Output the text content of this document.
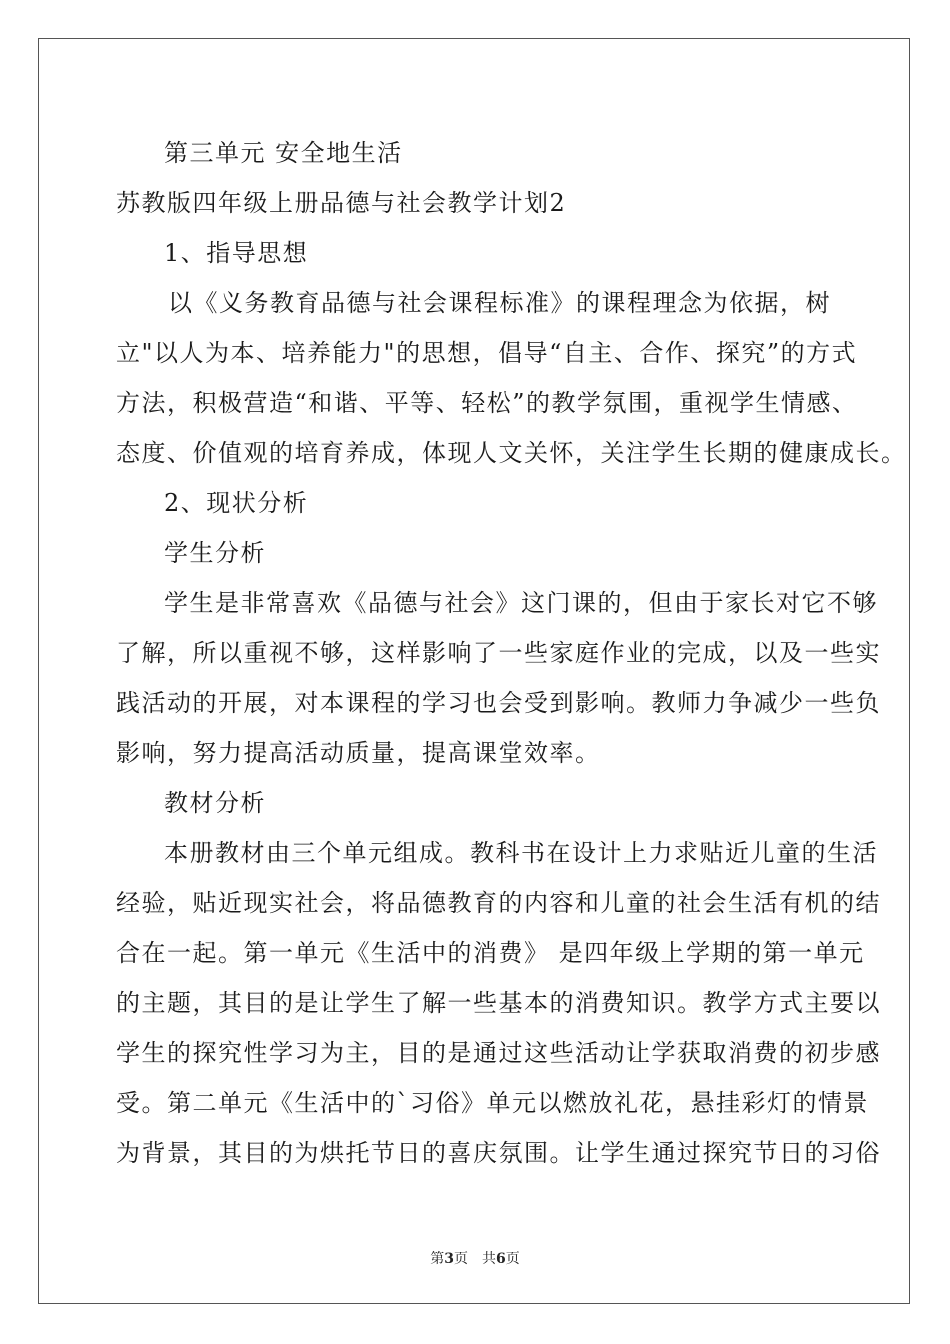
第三单元 安全地生活
苏教版四年级上册品德与社会教学计划2
1、指导思想
以《义务教育品德与社会课程标准》的课程理念为依据，树
立"以人为本、培养能力"的思想，倡导“自主、合作、探究”的方式
方法，积极营造“和谐、平等、轻松”的教学氛围，重视学生情感、
态度、价值观的培育养成，体现人文关怀，关注学生长期的健康成长。
2、现状分析
学生分析
学生是非常喜欢《品德与社会》这门课的，但由于家长对它不够
了解，所以重视不够，这样影响了一些家庭作业的完成，以及一些实
践活动的开展，对本课程的学习也会受到影响。教师力争减少一些负
影响，努力提高活动质量，提高课堂效率。
教材分析
本册教材由三个单元组成。教科书在设计上力求贴近儿童的生活
经验，贴近现实社会，将品德教育的内容和儿童的社会生活有机的结
合在一起。第一单元《生活中的消费》 是四年级上学期的第一单元
的主题，其目的是让学生了解一些基本的消费知识。教学方式主要以
学生的探究性学习为主，目的是通过这些活动让学获取消费的初步感
受。第二单元《生活中的`习俗》单元以燃放礼花，悬挂彩灯的情景
为背景，其目的为烘托节日的喜庆氛围。让学生通过探究节日的习俗
第3页　共6页
